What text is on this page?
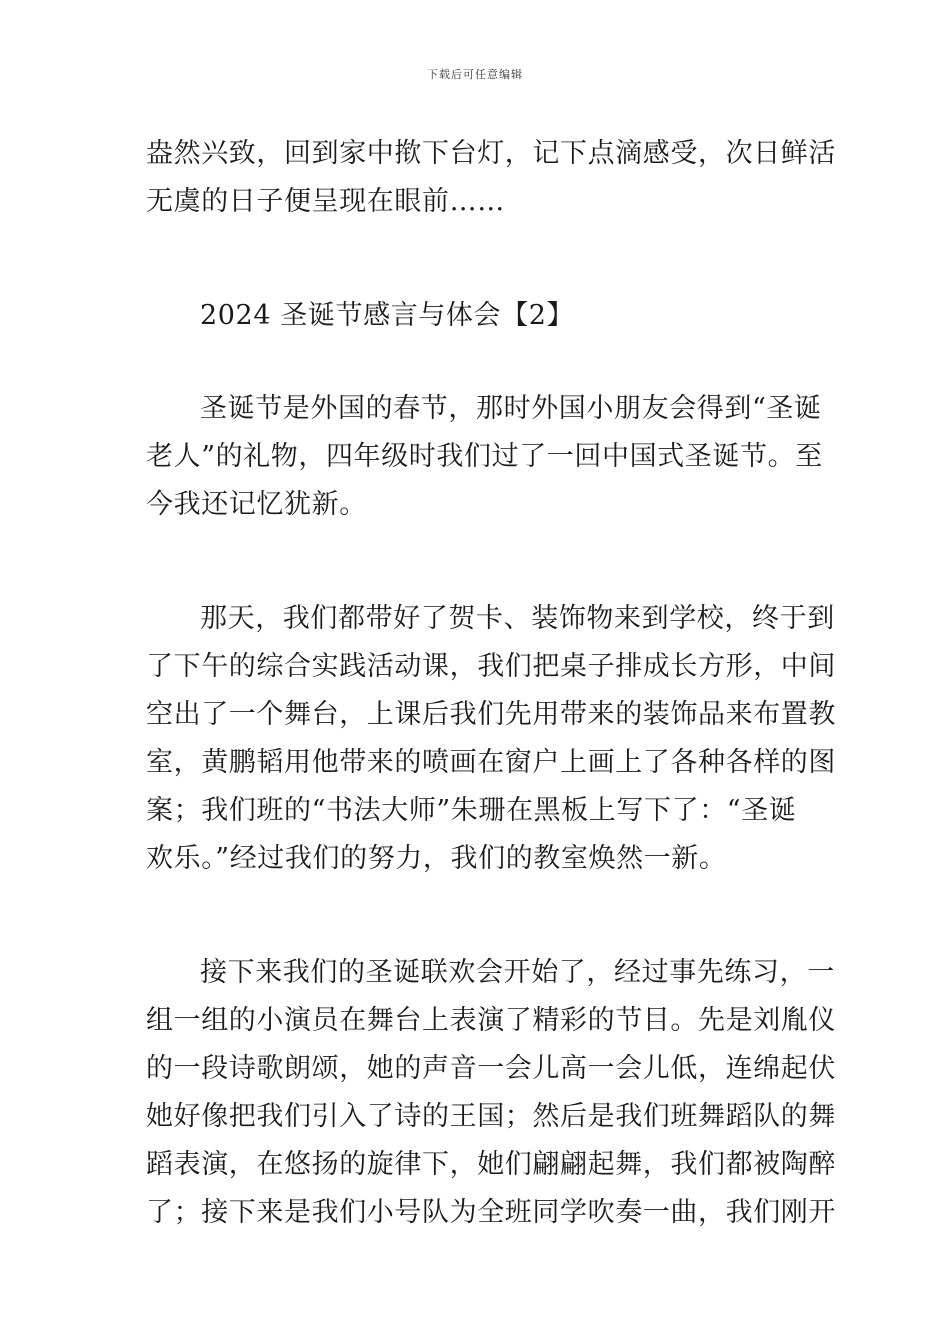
下载后可任意编辑

盎然兴致，回到家中揿下台灯，记下点滴感受，次日鲜活
无虞的日子便呈现在眼前……

2024 圣诞节感言与体会【2】

圣诞节是外国的春节，那时外国小朋友会得到“圣诞
老人”的礼物，四年级时我们过了一回中国式圣诞节。至
今我还记忆犹新。

那天，我们都带好了贺卡、装饰物来到学校，终于到
了下午的综合实践活动课，我们把桌子排成长方形，中间
空出了一个舞台，上课后我们先用带来的装饰品来布置教
室，黄鹏韬用他带来的喷画在窗户上画上了各种各样的图
案；我们班的“书法大师”朱珊在黑板上写下了：“圣诞
欢乐。”经过我们的努力，我们的教室焕然一新。

接下来我们的圣诞联欢会开始了，经过事先练习，一
组一组的小演员在舞台上表演了精彩的节目。先是刘胤仪
的一段诗歌朗颂，她的声音一会儿高一会儿低，连绵起伏
她好像把我们引入了诗的王国；然后是我们班舞蹈队的舞
蹈表演，在悠扬的旋律下，她们翩翩起舞，我们都被陶醉
了；接下来是我们小号队为全班同学吹奏一曲，我们刚开
